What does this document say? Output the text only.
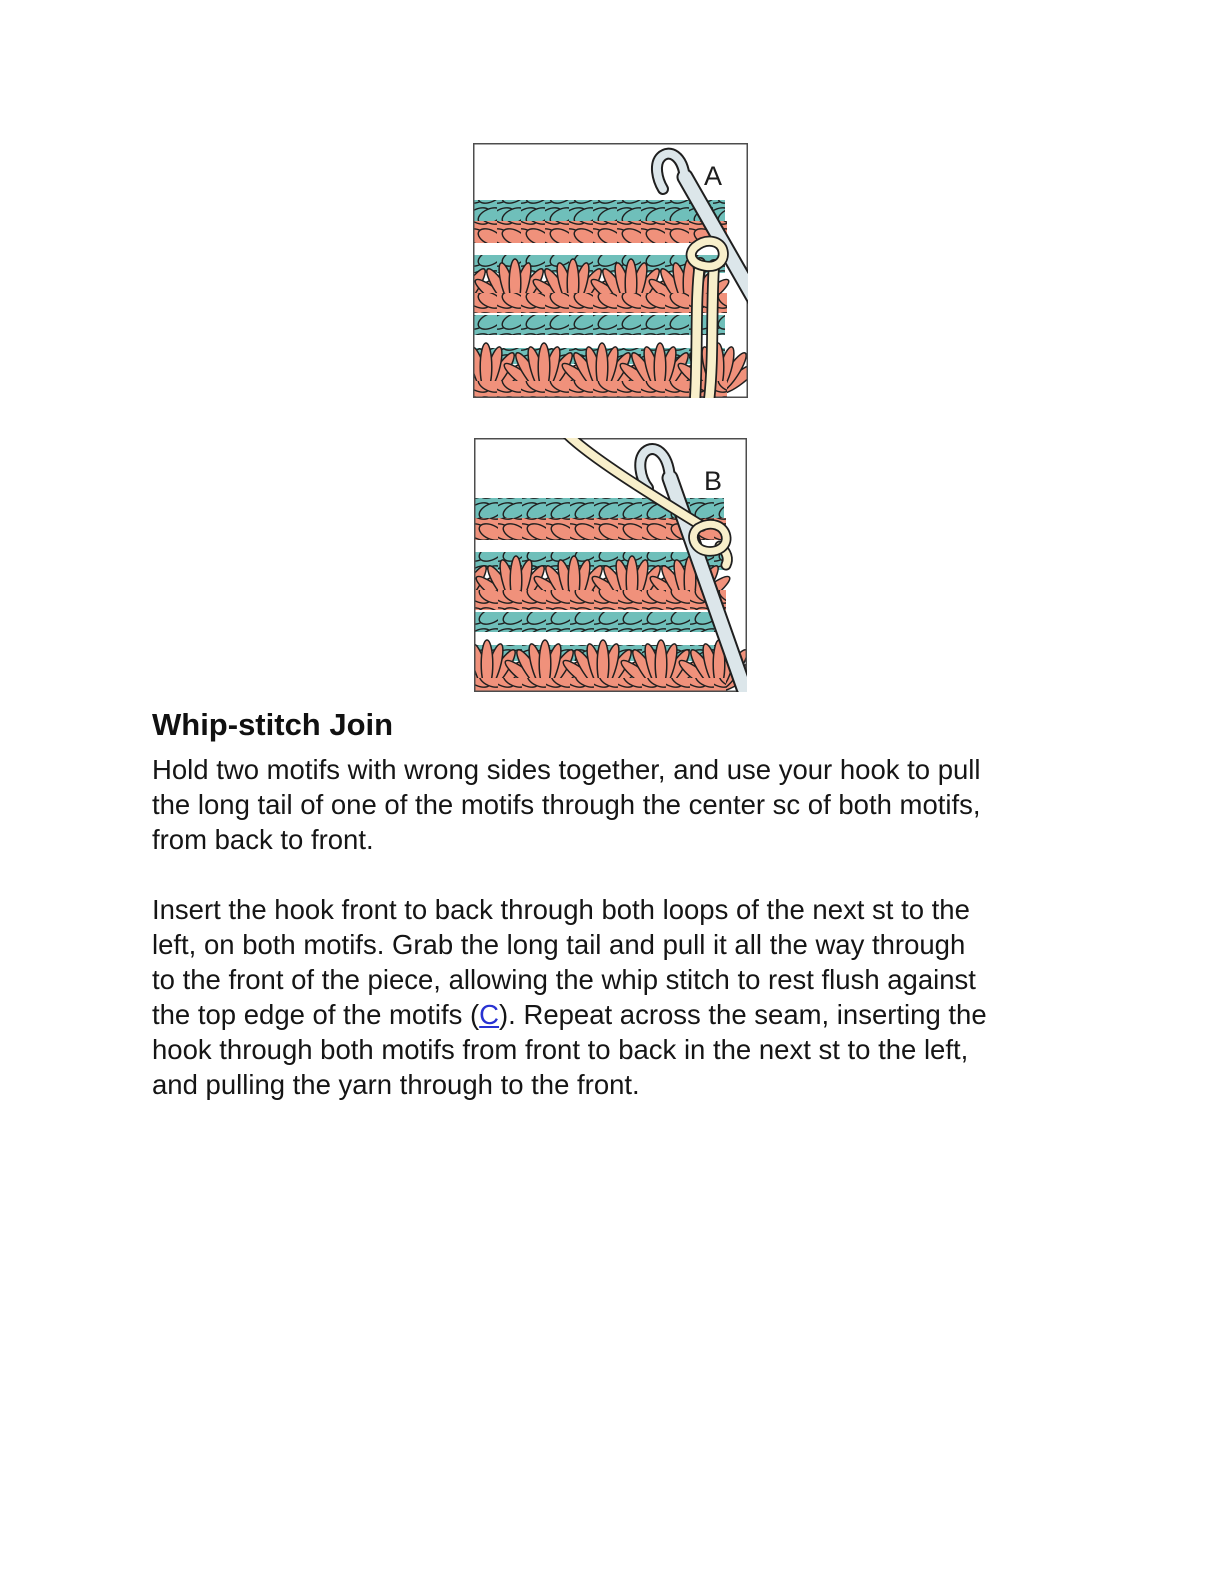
A
B
Whip-stitch Join
Hold two motifs with wrong sides together, and use your hook to pull
the long tail of one of the motifs through the center sc of both motifs,
from back to front.
Insert the hook front to back through both loops of the next st to the
left, on both motifs. Grab the long tail and pull it all the way through
to the front of the piece, allowing the whip stitch to rest flush against
the top edge of the motifs (C). Repeat across the seam, inserting the
hook through both motifs from front to back in the next st to the left,
and pulling the yarn through to the front.
